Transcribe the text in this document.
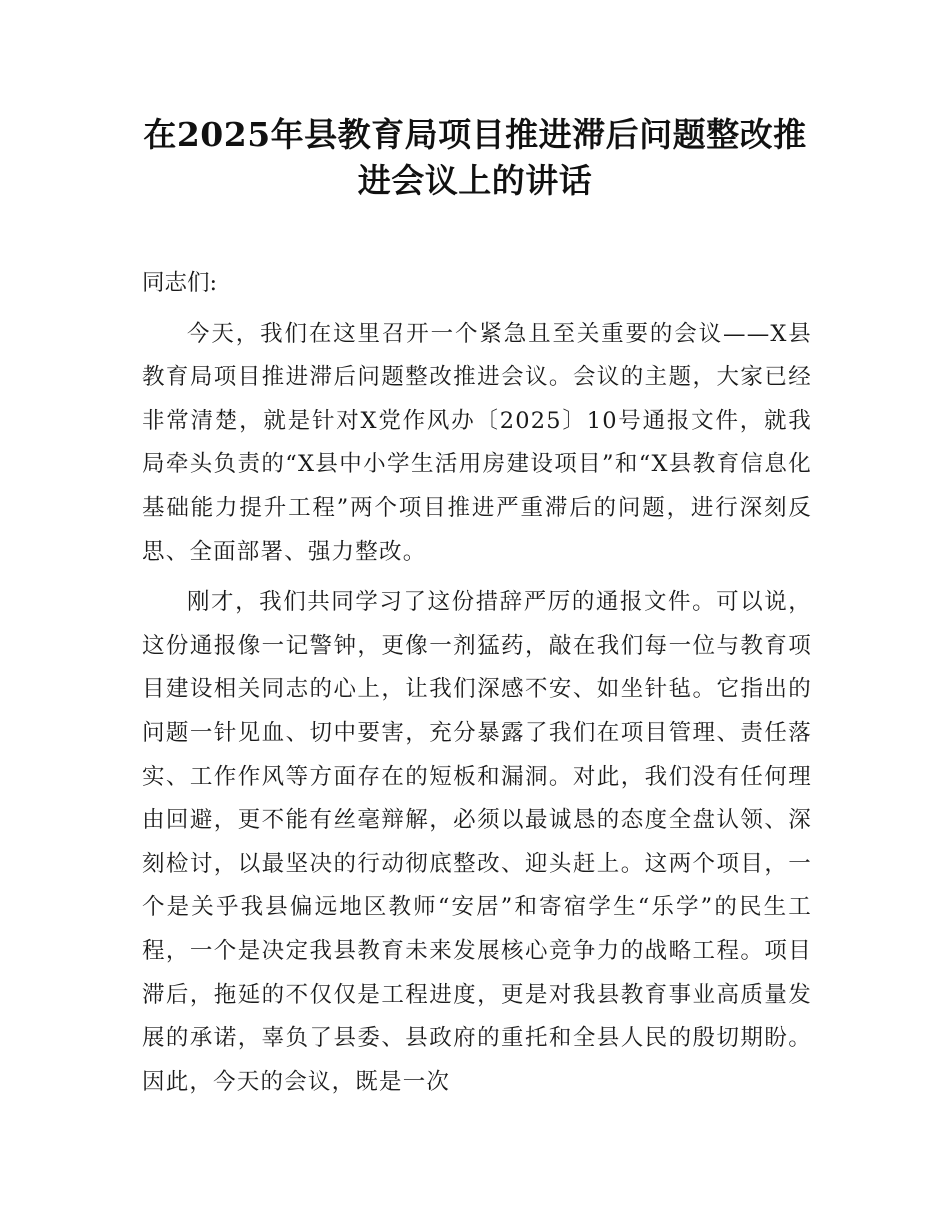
在2025年县教育局项目推进滞后问题整改推进会议上的讲话

同志们:

今天，我们在这里召开一个紧急且至关重要的会议——X县教育局项目推进滞后问题整改推进会议。会议的主题，大家已经非常清楚，就是针对X党作风办〔2025〕10号通报文件，就我局牵头负责的“X县中小学生活用房建设项目”和“X县教育信息化基础能力提升工程”两个项目推进严重滞后的问题，进行深刻反思、全面部署、强力整改。

刚才，我们共同学习了这份措辞严厉的通报文件。可以说，这份通报像一记警钟，更像一剂猛药，敲在我们每一位与教育项目建设相关同志的心上，让我们深感不安、如坐针毡。它指出的问题一针见血、切中要害，充分暴露了我们在项目管理、责任落实、工作作风等方面存在的短板和漏洞。对此，我们没有任何理由回避，更不能有丝毫辩解，必须以最诚恳的态度全盘认领、深刻检讨，以最坚决的行动彻底整改、迎头赶上。这两个项目，一个是关乎我县偏远地区教师“安居”和寄宿学生“乐学”的民生工程，一个是决定我县教育未来发展核心竞争力的战略工程。项目滞后，拖延的不仅仅是工程进度，更是对我县教育事业高质量发展的承诺，辜负了县委、县政府的重托和全县人民的殷切期盼。因此，今天的会议，既是一次
